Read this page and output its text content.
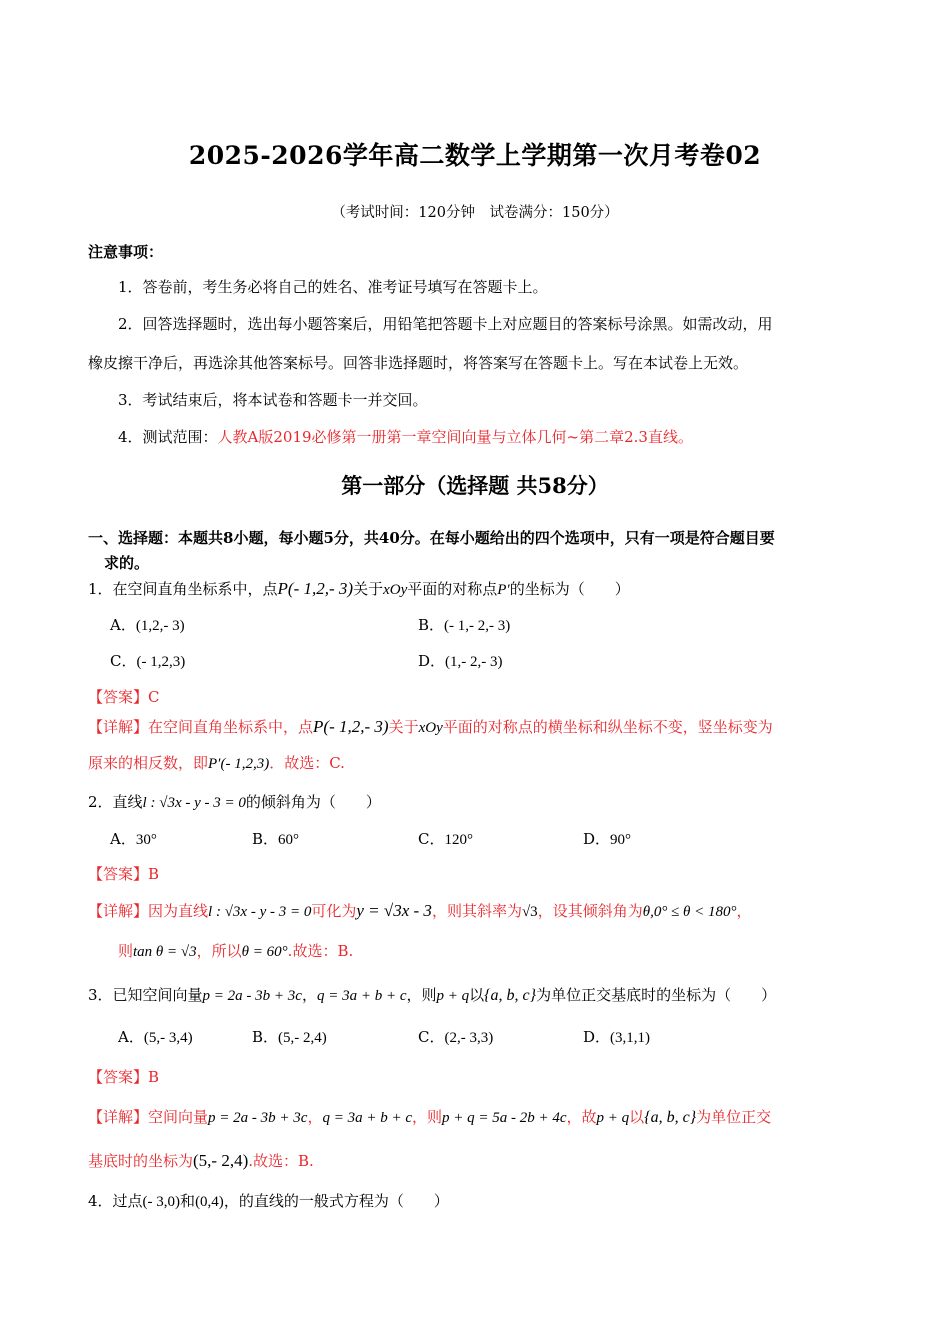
2025-2026学年高二数学上学期第一次月考卷02
（考试时间：120分钟　试卷满分：150分）
注意事项：
1．答卷前，考生务必将自己的姓名、准考证号填写在答题卡上。
2．回答选择题时，选出每小题答案后，用铅笔把答题卡上对应题目的答案标号涂黑。如需改动，用
橡皮擦干净后，再选涂其他答案标号。回答非选择题时，将答案写在答题卡上。写在本试卷上无效。
3．考试结束后，将本试卷和答题卡一并交回。
4．测试范围：人教A版2019必修第一册第一章空间向量与立体几何~第二章2.3直线。
第一部分（选择题 共58分）
一、选择题：本题共8小题，每小题5分，共40分。在每小题给出的四个选项中，只有一项是符合题目要
求的。
1．在空间直角坐标系中，点P(- 1,2,- 3)关于xOy平面的对称点P′的坐标为（　　）
A．(1,2,- 3)	B．(- 1,- 2,- 3)
C．(- 1,2,3)	D．(1,- 2,- 3)
【答案】C
【详解】在空间直角坐标系中，点P(- 1,2,- 3)关于xOy平面的对称点的横坐标和纵坐标不变，竖坐标变为
原来的相反数，即P′(- 1,2,3)．故选：C.
2．直线l : √3x - y - 3 = 0的倾斜角为（　　）
A．30°	B．60°	C．120°	D．90°
【答案】B
【详解】因为直线l : √3x - y - 3 = 0可化为y = √3x - 3，则其斜率为√3，设其倾斜角为θ,0° ≤ θ < 180°，
则tan θ = √3，所以θ = 60°.故选：B.
3．已知空间向量p = 2a - 3b + 3c，q = 3a + b + c，则p + q以{a, b, c}为单位正交基底时的坐标为（　　）
A．(5,- 3,4)	B．(5,- 2,4)	C．(2,- 3,3)	D．(3,1,1)
【答案】B
【详解】空间向量p = 2a - 3b + 3c，q = 3a + b + c，则p + q = 5a - 2b + 4c，故p + q以{a, b, c}为单位正交
基底时的坐标为(5,- 2,4).故选：B.
4．过点(- 3,0)和(0,4)，的直线的一般式方程为（　　）
